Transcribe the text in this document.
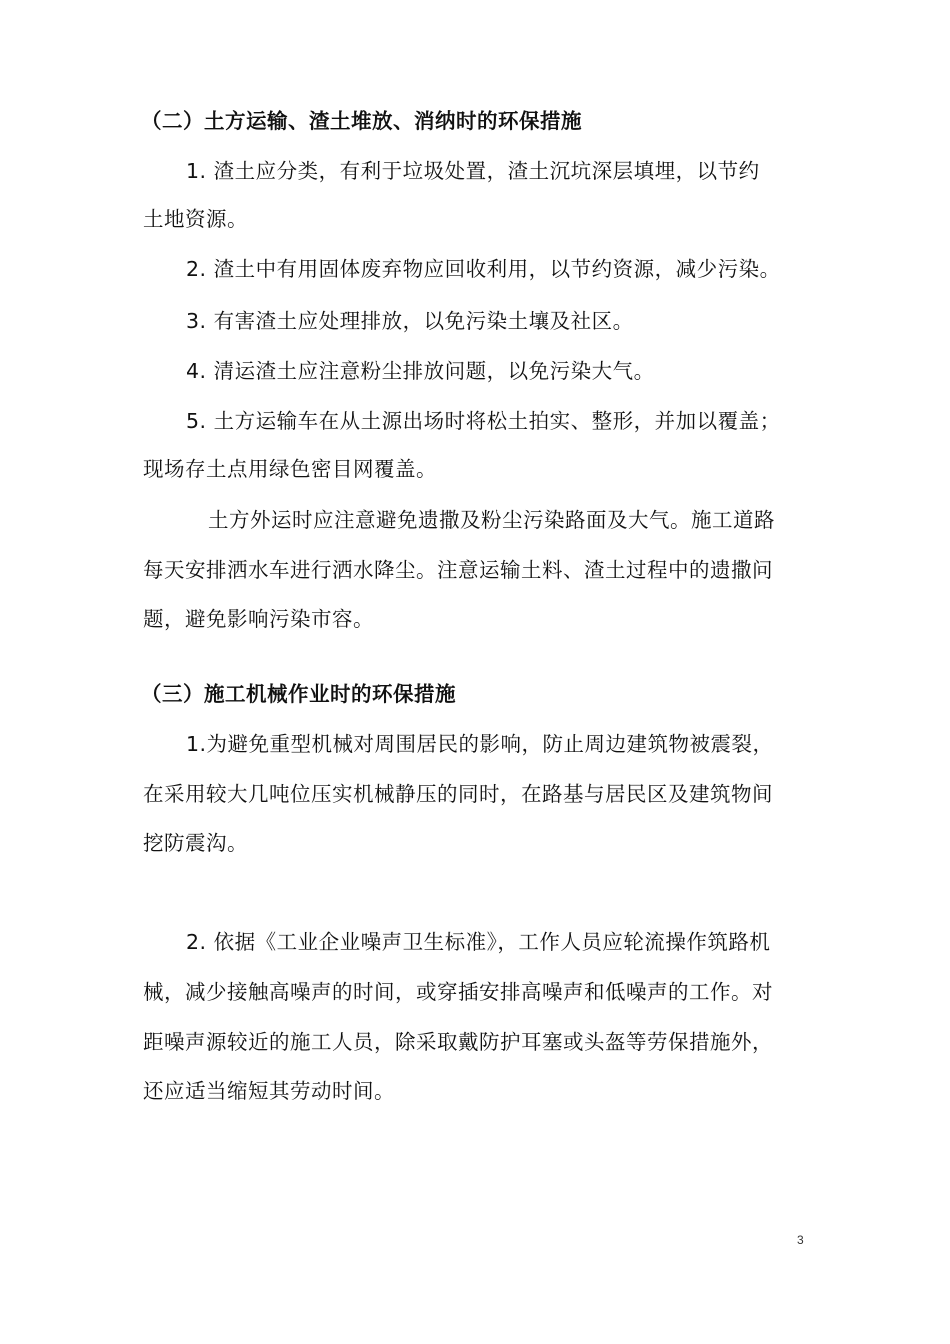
（二）土方运输、渣土堆放、消纳时的环保措施
1. 渣土应分类，有利于垃圾处置，渣土沉坑深层填埋，以节约
土地资源。
2. 渣土中有用固体废弃物应回收利用，以节约资源，减少污染。
3. 有害渣土应处理排放，以免污染土壤及社区。
4. 清运渣土应注意粉尘排放问题，以免污染大气。
5. 土方运输车在从土源出场时将松土拍实、整形，并加以覆盖；
现场存土点用绿色密目网覆盖。
土方外运时应注意避免遗撒及粉尘污染路面及大气。施工道路
每天安排洒水车进行洒水降尘。注意运输土料、渣土过程中的遗撒问
题，避免影响污染市容。
（三）施工机械作业时的环保措施
1.为避免重型机械对周围居民的影响，防止周边建筑物被震裂，
在采用较大几吨位压实机械静压的同时，在路基与居民区及建筑物间
挖防震沟。
2. 依据《工业企业噪声卫生标准》，工作人员应轮流操作筑路机
械，减少接触高噪声的时间，或穿插安排高噪声和低噪声的工作。对
距噪声源较近的施工人员，除采取戴防护耳塞或头盔等劳保措施外，
还应适当缩短其劳动时间。
3
